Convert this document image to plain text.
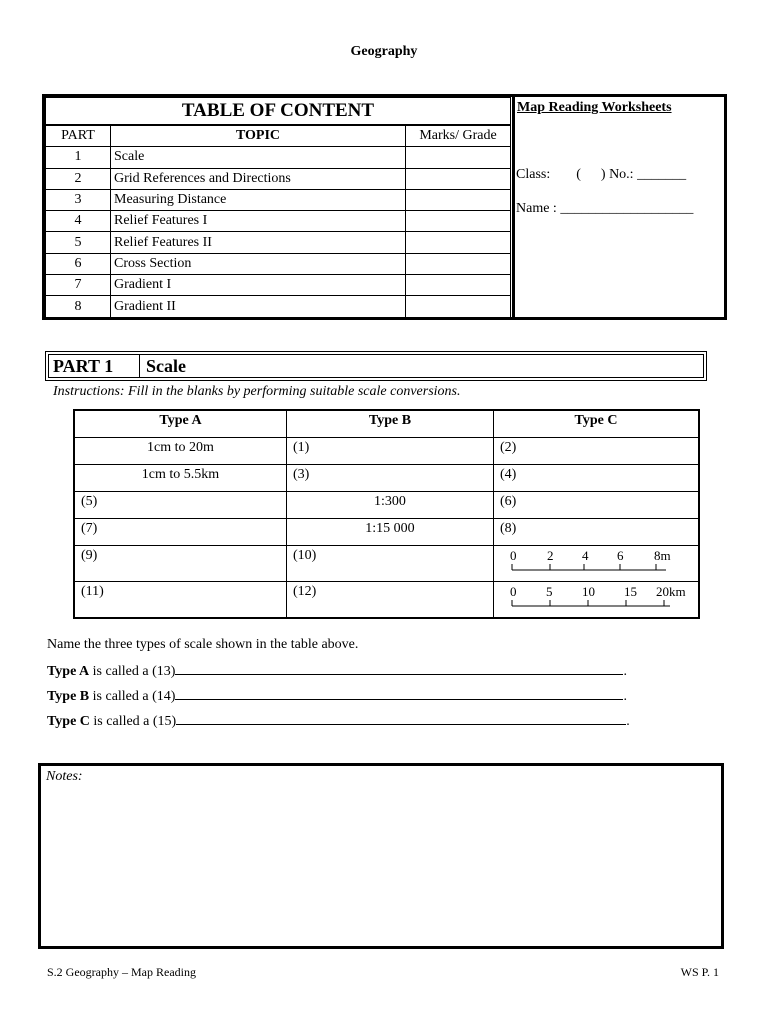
Geography
TABLE OF CONTENT		
PART	TOPIC	Marks/ Grade
1	Scale	
2	Grid References and Directions	
3	Measuring Distance	
4	Relief Features I	
5	Relief Features II	
6	Cross Section	
7	Gradient I	
8	Gradient II	
Map Reading Worksheets
Class: ( ) No.: _______
Name : ___________________
PART 1	Scale
Instructions: Fill in the blanks by performing suitable scale conversions.
Type A	Type B	Type C
1cm to 20m	(1)	(2)
1cm to 5.5km	(3)	(4)
(5)	1:300	(6)
(7)	1:15 000	(8)
(9)	(10)	0 2 4 6 8m

(11)	(12)	0 5 10 15 20km
Name the three types of scale shown in the table above.
Type A is called a (13)	.
Type B is called a (14)	.
Type C is called a (15)	.
Notes:
S.2 Geography – Map Reading	WS P. 1
